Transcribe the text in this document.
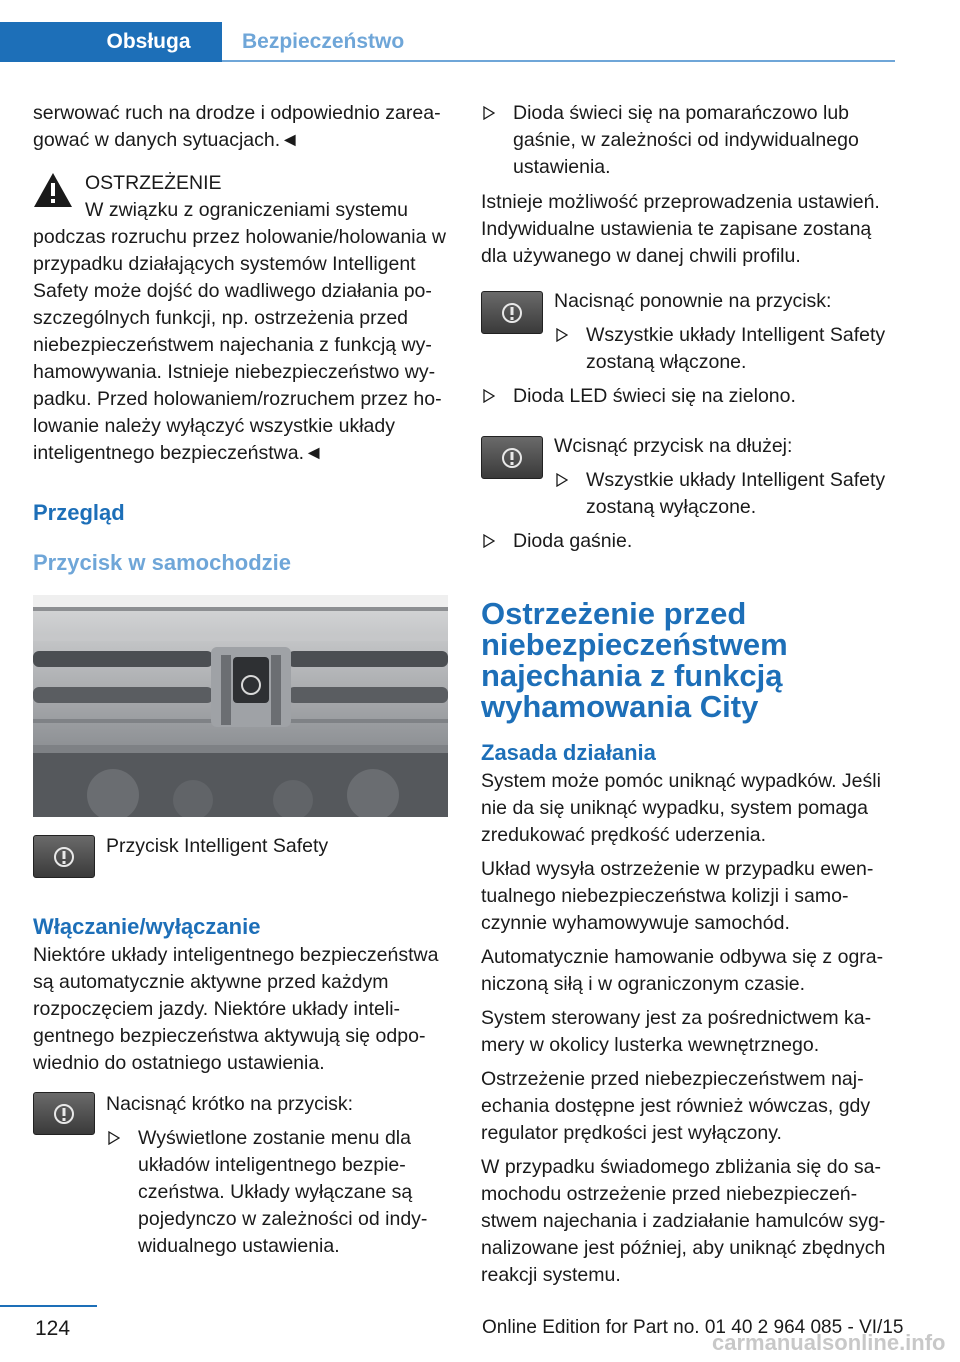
Obsługa	Bezpieczeństwo

serwować ruch na drodze i odpowiednio zareagować w danych sytuacjach.◄

OSTRZEŻENIE

W związku z ograniczeniami systemu podczas rozruchu przez holowanie/holowania w przypadku działających systemów Intelligent Safety może dojść do wadliwego działania poszczególnych funkcji, np. ostrzeżenia przed niebezpieczeństwem najechania z funkcją wyhamowywania. Istnieje niebezpieczeństwo wypadku. Przed holowaniem/rozruchem przez holowanie należy wyłączyć wszystkie układy inteligentnego bezpieczeństwa.◄

Przegląd
Przycisk w samochodzie
Przycisk Intelligent Safety
Włączanie/wyłączanie

Niektóre układy inteligentnego bezpieczeństwa są automatycznie aktywne przed każdym rozpoczęciem jazdy. Niektóre układy inteligentnego bezpieczeństwa aktywują się odpowiednio do ostatniego ustawienia.

Nacisnąć krótko na przycisk:
Wyświetlone zostanie menu dla układów inteligentnego bezpieczeństwa. Układy wyłączane są pojedynczo w zależności od indywidualnego ustawienia.
Dioda świeci się na pomarańczowo lub gaśnie, w zależności od indywidualnego ustawienia.

Istnieje możliwość przeprowadzenia ustawień. Indywidualne ustawienia te zapisane zostaną dla używanego w danej chwili profilu.

Nacisnąć ponownie na przycisk:
Wszystkie układy Intelligent Safety zostaną włączone.
Dioda LED świeci się na zielono.
Wcisnąć przycisk na dłużej:
Wszystkie układy Intelligent Safety zostaną wyłączone.
Dioda gaśnie.
Ostrzeżenie przed niebezpieczeństwem najechania z funkcją wyhamowania City
Zasada działania

System może pomóc uniknąć wypadków. Jeśli nie da się uniknąć wypadku, system pomaga zredukować prędkość uderzenia.

Układ wysyła ostrzeżenie w przypadku ewentualnego niebezpieczeństwa kolizji i samoczynnie wyhamowywuje samochód.

Automatycznie hamowanie odbywa się z ograniczoną siłą i w ograniczonym czasie.

System sterowany jest za pośrednictwem kamery w okolicy lusterka wewnętrznego.

Ostrzeżenie przed niebezpieczeństwem najechania dostępne jest również wówczas, gdy regulator prędkości jest wyłączony.

W przypadku świadomego zbliżania się do samochodu ostrzeżenie przed niebezpieczeństwem najechania i zadziałanie hamulców sygnalizowane jest później, aby uniknąć zbędnych reakcji systemu.

124	Online Edition for Part no. 01 40 2 964 085 - VI/15
carmanualsonline.info
